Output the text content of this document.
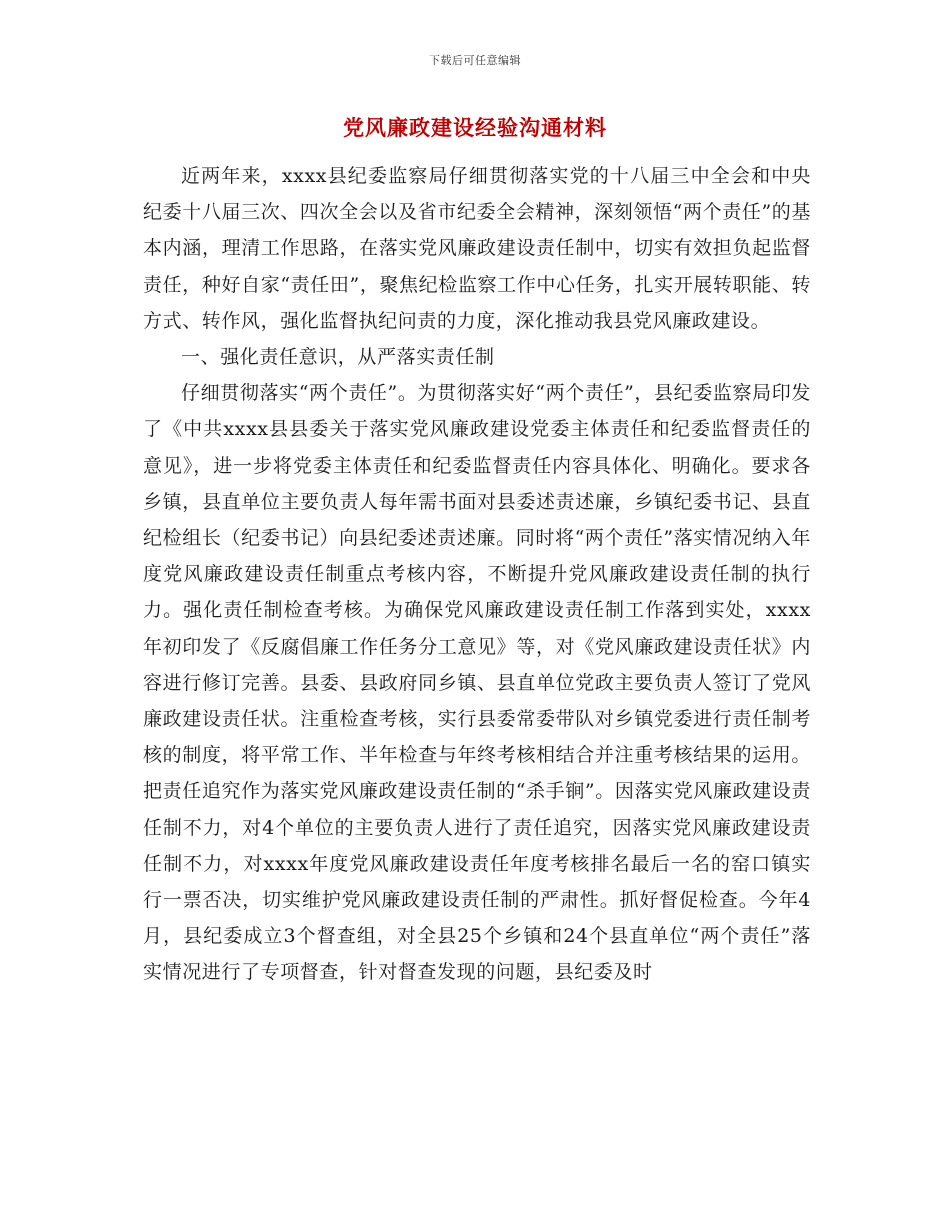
下载后可任意编辑
党风廉政建设经验沟通材料

近两年来，xxxx县纪委监察局仔细贯彻落实党的十八届三中全会和中央纪委十八届三次、四次全会以及省市纪委全会精神，深刻领悟“两个责任”的基本内涵，理清工作思路，在落实党风廉政建设责任制中，切实有效担负起监督责任，种好自家“责任田”，聚焦纪检监察工作中心任务，扎实开展转职能、转方式、转作风，强化监督执纪问责的力度，深化推动我县党风廉政建设。

一、强化责任意识，从严落实责任制

仔细贯彻落实“两个责任”。为贯彻落实好“两个责任”，县纪委监察局印发了《中共xxxx县县委关于落实党风廉政建设党委主体责任和纪委监督责任的意见》，进一步将党委主体责任和纪委监督责任内容具体化、明确化。要求各乡镇，县直单位主要负责人每年需书面对县委述责述廉，乡镇纪委书记、县直纪检组长（纪委书记）向县纪委述责述廉。同时将“两个责任”落实情况纳入年度党风廉政建设责任制重点考核内容，不断提升党风廉政建设责任制的执行力。强化责任制检查考核。为确保党风廉政建设责任制工作落到实处，xxxx年初印发了《反腐倡廉工作任务分工意见》等，对《党风廉政建设责任状》内容进行修订完善。县委、县政府同乡镇、县直单位党政主要负责人签订了党风廉政建设责任状。注重检查考核，实行县委常委带队对乡镇党委进行责任制考核的制度，将平常工作、半年检查与年终考核相结合并注重考核结果的运用。把责任追究作为落实党风廉政建设责任制的“杀手锏”。因落实党风廉政建设责任制不力，对4个单位的主要负责人进行了责任追究，因落实党风廉政建设责任制不力，对xxxx年度党风廉政建设责任年度考核排名最后一名的窑口镇实行一票否决，切实维护党风廉政建设责任制的严肃性。抓好督促检查。今年4月，县纪委成立3个督查组，对全县25个乡镇和24个县直单位“两个责任”落实情况进行了专项督查，针对督查发现的问题，县纪委及时
